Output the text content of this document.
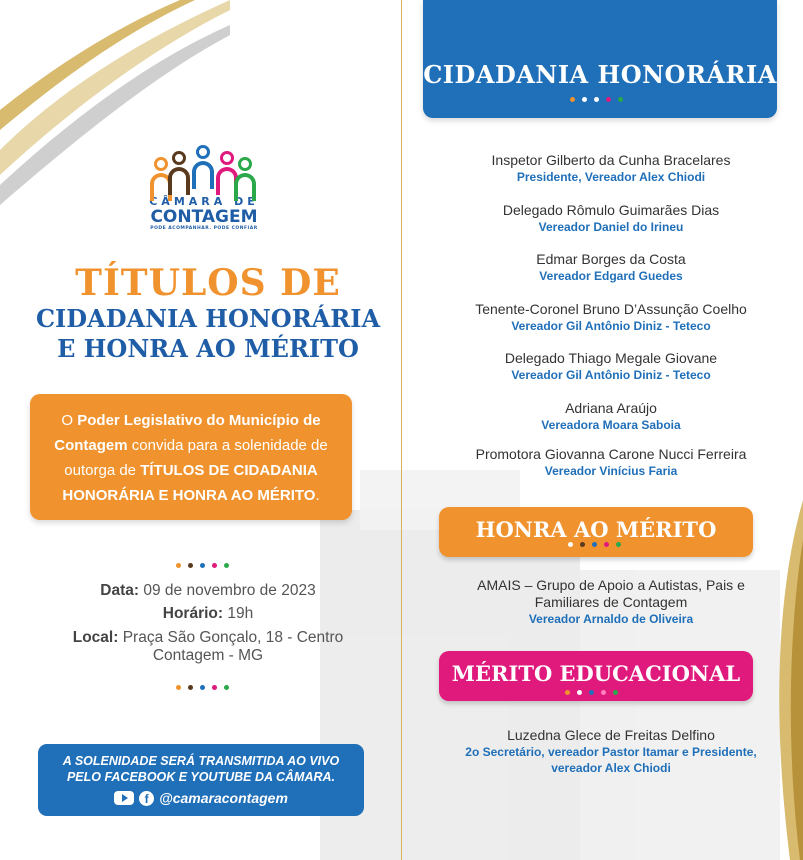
CÂMARA DE
CONTAGEM
PODE ACOMPANHAR. PODE CONFIAR
TÍTULOS DE
CIDADANIA HONORÁRIA
E HONRA AO MÉRITO
O Poder Legislativo do Município de Contagem convida para a solenidade de outorga de TÍTULOS DE CIDADANIA HONORÁRIA E HONRA AO MÉRITO.
Data: 09 de novembro de 2023
Horário: 19h
Local: Praça São Gonçalo, 18 - Centro
Contagem - MG
A SOLENIDADE SERÁ TRANSMITIDA AO VIVO
PELO FACEBOOK E YOUTUBE DA CÂMARA.
f @camaracontagem
CIDADANIA HONORÁRIA
Inspetor Gilberto da Cunha Bracelares
Presidente, Vereador Alex Chiodi
Delegado Rômulo Guimarães Dias
Vereador Daniel do Irineu
Edmar Borges da Costa
Vereador Edgard Guedes
Tenente-Coronel Bruno D’Assunção Coelho
Vereador Gil Antônio Diniz - Teteco
Delegado Thiago Megale Giovane
Vereador Gil Antônio Diniz - Teteco
Adriana Araújo
Vereadora Moara Saboia
Promotora Giovanna Carone Nucci Ferreira
Vereador Vinícius Faria
HONRA AO MÉRITO
AMAIS – Grupo de Apoio a Autistas, Pais e
Familiares de Contagem
Vereador Arnaldo de Oliveira
MÉRITO EDUCACIONAL
Luzedna Glece de Freitas Delfino
2o Secretário, vereador Pastor Itamar e Presidente,
vereador Alex Chiodi
